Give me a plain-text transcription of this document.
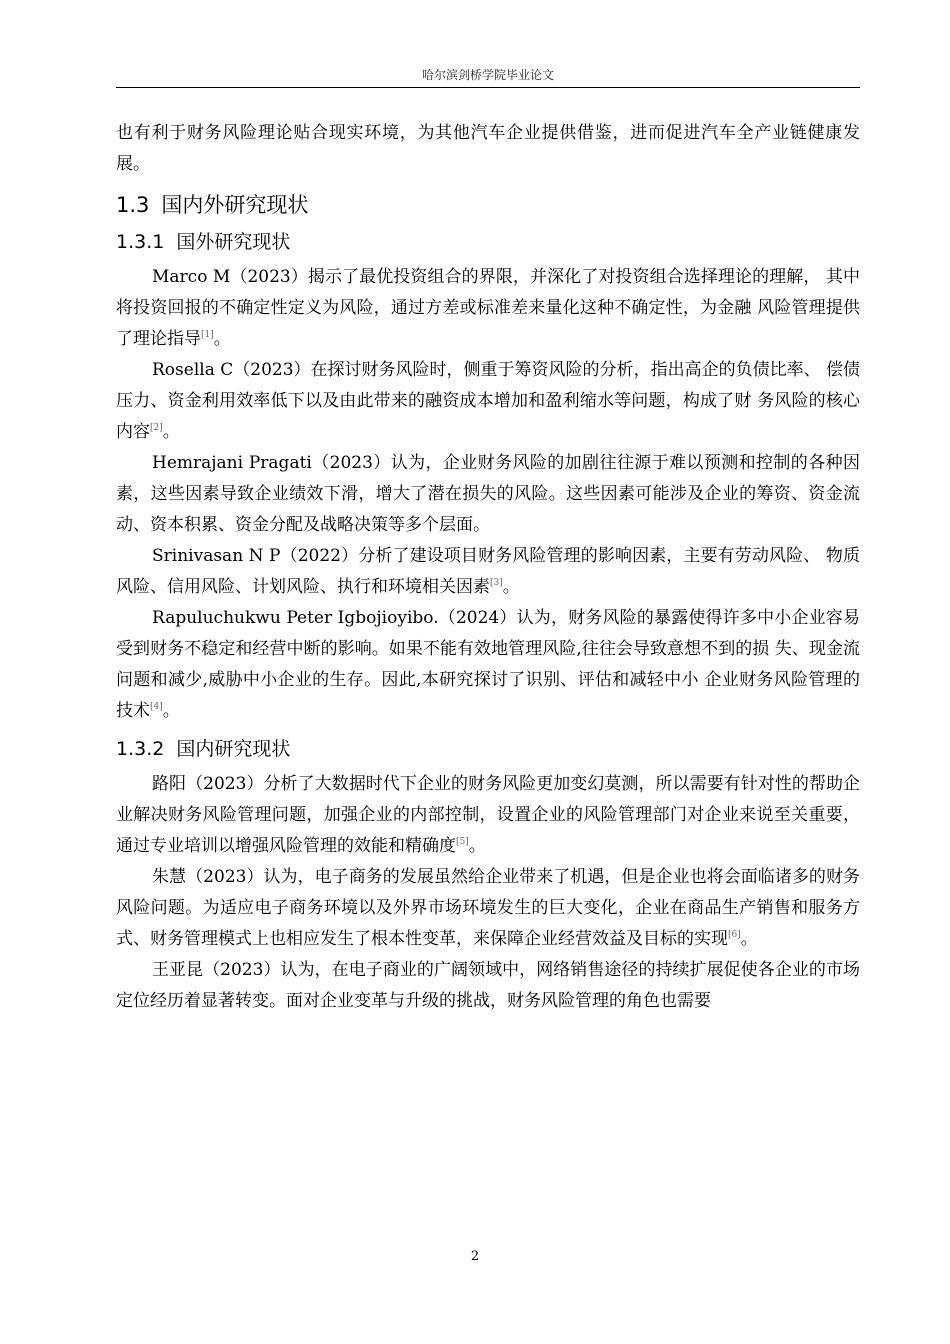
哈尔滨剑桥学院毕业论文

也有利于财务风险理论贴合现实环境，为其他汽车企业提供借鉴，进而促进汽车全产业链健康发展。

1.3 国内外研究现状
1.3.1 国外研究现状

Marco M（2023）揭示了最优投资组合的界限，并深化了对投资组合选择理论的理解， 其中将投资回报的不确定性定义为风险，通过方差或标准差来量化这种不确定性，为金融 风险管理提供了理论指导[1]。

Rosella C（2023）在探讨财务风险时，侧重于筹资风险的分析，指出高企的负债比率、 偿债压力、资金利用效率低下以及由此带来的融资成本增加和盈利缩水等问题，构成了财 务风险的核心内容[2]。

Hemrajani Pragati（2023）认为，企业财务风险的加剧往往源于难以预测和控制的各种因素，这些因素导致企业绩效下滑，增大了潜在损失的风险。这些因素可能涉及企业的筹资、资金流动、资本积累、资金分配及战略决策等多个层面。

Srinivasan N P（2022）分析了建设项目财务风险管理的影响因素，主要有劳动风险、 物质风险、信用风险、计划风险、执行和环境相关因素[3]。

Rapuluchukwu Peter Igbojioyibo.（2024）认为，财务风险的暴露使得许多中小企业容易受到财务不稳定和经营中断的影响。如果不能有效地管理风险,往往会导致意想不到的损 失、现金流问题和减少,威胁中小企业的生存。因此,本研究探讨了识别、评估和减轻中小 企业财务风险管理的技术[4]。

1.3.2 国内研究现状

路阳（2023）分析了大数据时代下企业的财务风险更加变幻莫测，所以需要有针对性的帮助企业解决财务风险管理问题，加强企业的内部控制，设置企业的风险管理部门对企业来说至关重要，通过专业培训以增强风险管理的效能和精确度[5]。

朱慧（2023）认为，电子商务的发展虽然给企业带来了机遇，但是企业也将会面临诸多的财务风险问题。为适应电子商务环境以及外界市场环境发生的巨大变化，企业在商品生产销售和服务方式、财务管理模式上也相应发生了根本性变革，来保障企业经营效益及目标的实现[6]。

王亚昆（2023）认为，在电子商业的广阔领域中，网络销售途径的持续扩展促使各企业的市场定位经历着显著转变。面对企业变革与升级的挑战，财务风险管理的角色也需要

2
